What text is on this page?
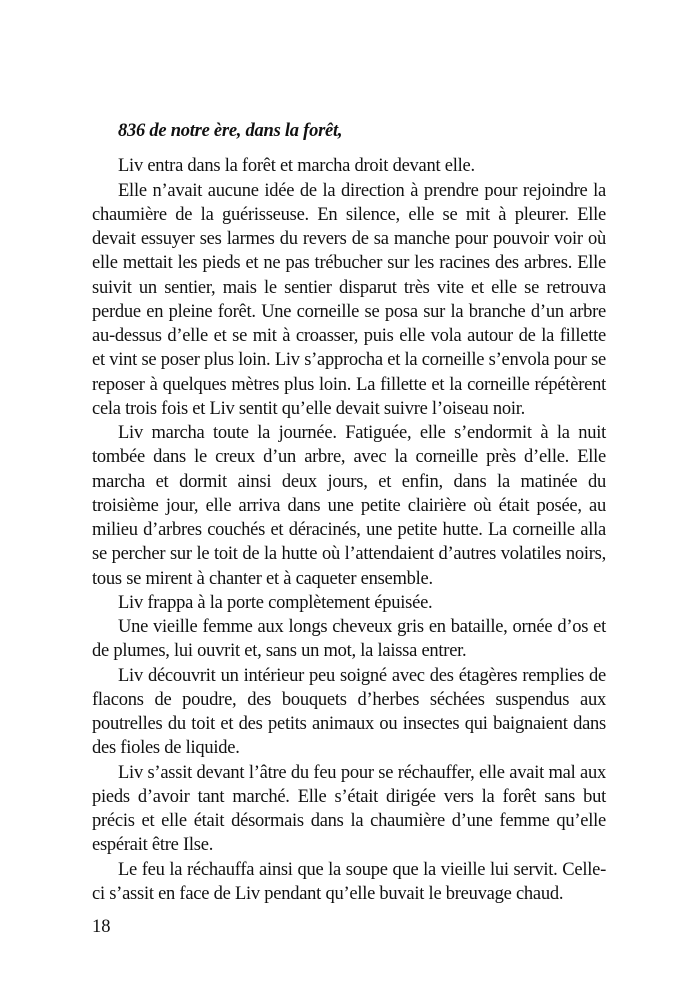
836 de notre ère, dans la forêt,

Liv entra dans la forêt et marcha droit devant elle.

Elle n’avait aucune idée de la direction à prendre pour rejoindre la chaumière de la guérisseuse. En silence, elle se mit à pleurer. Elle devait essuyer ses larmes du revers de sa manche pour pouvoir voir où elle mettait les pieds et ne pas trébucher sur les racines des arbres. Elle suivit un sentier, mais le sentier disparut très vite et elle se retrouva perdue en pleine forêt. Une corneille se posa sur la branche d’un arbre au-dessus d’elle et se mit à croasser, puis elle vola autour de la fillette et vint se poser plus loin. Liv s’approcha et la corneille s’envola pour se reposer à quelques mètres plus loin. La fillette et la corneille répétèrent cela trois fois et Liv sentit qu’elle devait suivre l’oiseau noir.

Liv marcha toute la journée. Fatiguée, elle s’endormit à la nuit tombée dans le creux d’un arbre, avec la corneille près d’elle. Elle marcha et dormit ainsi deux jours, et enfin, dans la matinée du troisième jour, elle arriva dans une petite clairière où était posée, au milieu d’arbres couchés et déracinés, une petite hutte. La corneille alla se percher sur le toit de la hutte où l’attendaient d’autres volatiles noirs, tous se mirent à chanter et à caqueter ensemble.

Liv frappa à la porte complètement épuisée.

Une vieille femme aux longs cheveux gris en bataille, ornée d’os et de plumes, lui ouvrit et, sans un mot, la laissa entrer.

Liv découvrit un intérieur peu soigné avec des étagères remplies de flacons de poudre, des bouquets d’herbes séchées suspendus aux poutrelles du toit et des petits animaux ou insectes qui baignaient dans des fioles de liquide.

Liv s’assit devant l’âtre du feu pour se réchauffer, elle avait mal aux pieds d’avoir tant marché. Elle s’était dirigée vers la forêt sans but précis et elle était désormais dans la chaumière d’une femme qu’elle espérait être Ilse.

Le feu la réchauffa ainsi que la soupe que la vieille lui servit. Celle-ci s’assit en face de Liv pendant qu’elle buvait le breuvage chaud.

18
